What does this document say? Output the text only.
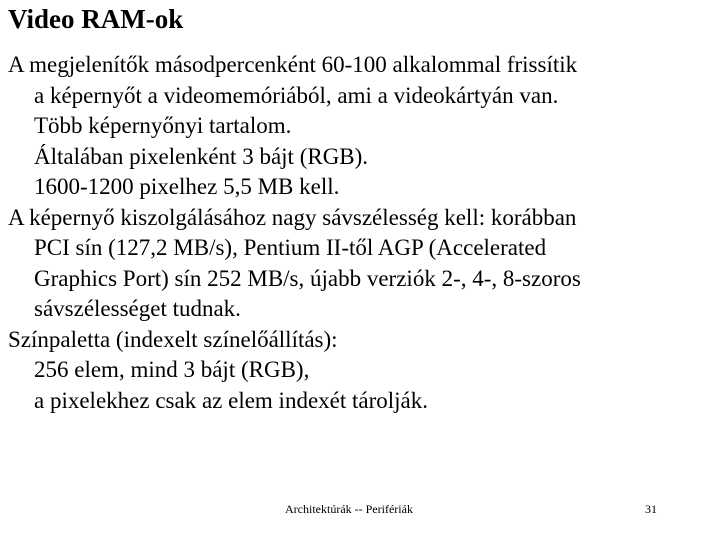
Video RAM-ok

A megjelenítők másodpercenként 60-100 alkalommal frissítik
a képernyőt a videomemóriából, ami a videokártyán van.
Több képernyőnyi tartalom.
Általában pixelenként 3 bájt (RGB).
1600-1200 pixelhez 5,5 MB kell.

A képernyő kiszolgálásához nagy sávszélesség kell: korábban
PCI sín (127,2 MB/s), Pentium II-től AGP (Accelerated
Graphics Port) sín 252 MB/s, újabb verziók 2-, 4-, 8-szoros
sávszélességet tudnak.

Színpaletta (indexelt színelőállítás):
256 elem, mind 3 bájt (RGB),
a pixelekhez csak az elem indexét tárolják.

Architektúrák -- Perifériák	31
